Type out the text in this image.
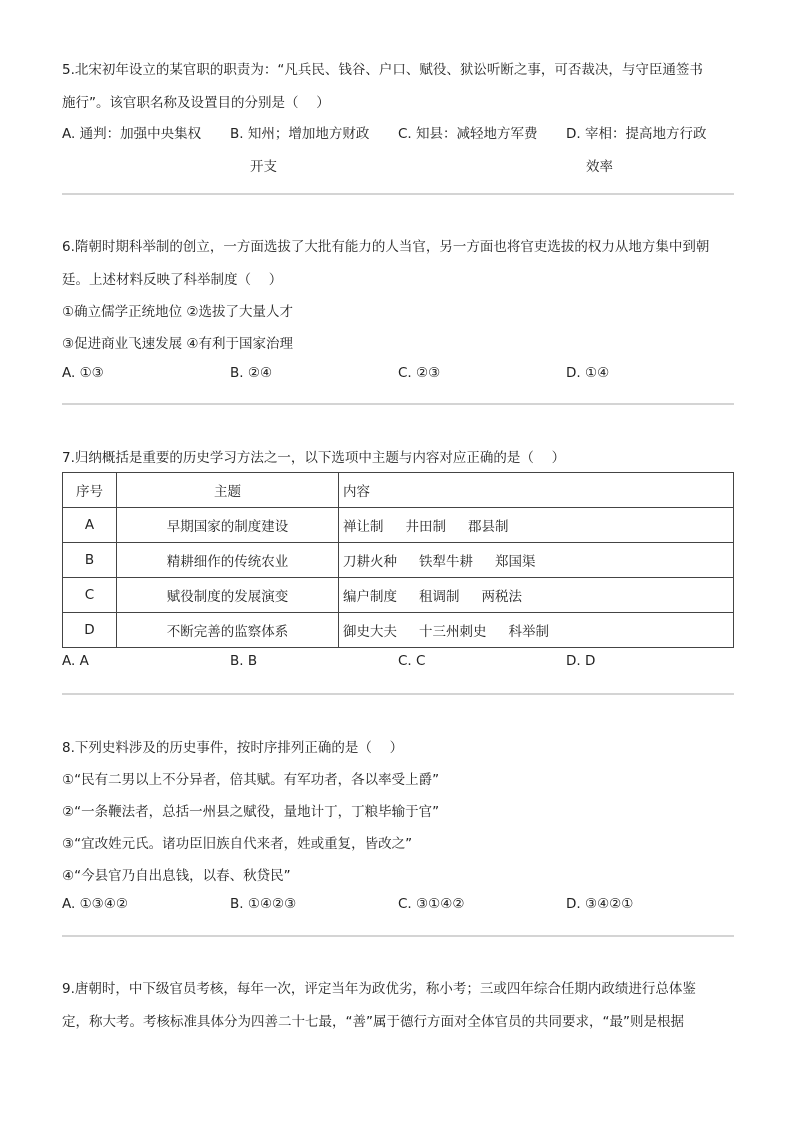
5.北宋初年设立的某官职的职责为：“凡兵民、钱谷、户口、赋役、狱讼听断之事，可否裁决，与守臣通签书
施行”。该官职名称及设置目的分别是（　 ）
A. 通判：加强中央集权 B. 知州；增加地方财政
开支
C. 知县：减轻地方军费 D. 宰相：提高地方行政
效率
6.隋朝时期科举制的创立，一方面选拔了大批有能力的人当官，另一方面也将官吏选拔的权力从地方集中到朝
廷。上述材料反映了科举制度（　 ）
①确立儒学正统地位 ②选拔了大量人才
③促进商业飞速发展 ④有利于国家治理
A. ①③	B. ②④	C. ②③	D. ①④
7.归纳概括是重要的历史学习方法之一，以下选项中主题与内容对应正确的是（　 ）
序号	主题	内容
A	早期国家的制度建设	禅让制 井田制 郡县制
B	精耕细作的传统农业	刀耕火种 铁犁牛耕 郑国渠
C	赋役制度的发展演变	编户制度 租调制 两税法
D	不断完善的监察体系	御史大夫 十三州刺史 科举制
A. A	B. B	C. C	D. D
8.下列史料涉及的历史事件，按时序排列正确的是（　 ）
①“民有二男以上不分异者，倍其赋。有军功者，各以率受上爵”
②“一条鞭法者，总括一州县之赋役，量地计丁，丁粮毕输于官”
③“宜改姓元氏。诸功臣旧族自代来者，姓或重复，皆改之”
④“今县官乃自出息钱，以春、秋贷民”
A. ①③④②	B. ①④②③	C. ③①④②	D. ③④②①
9.唐朝时，中下级官员考核，每年一次，评定当年为政优劣，称小考；三或四年综合任期内政绩进行总体鉴
定，称大考。考核标准具体分为四善二十七最，“善”属于德行方面对全体官员的共同要求，“最”则是根据
